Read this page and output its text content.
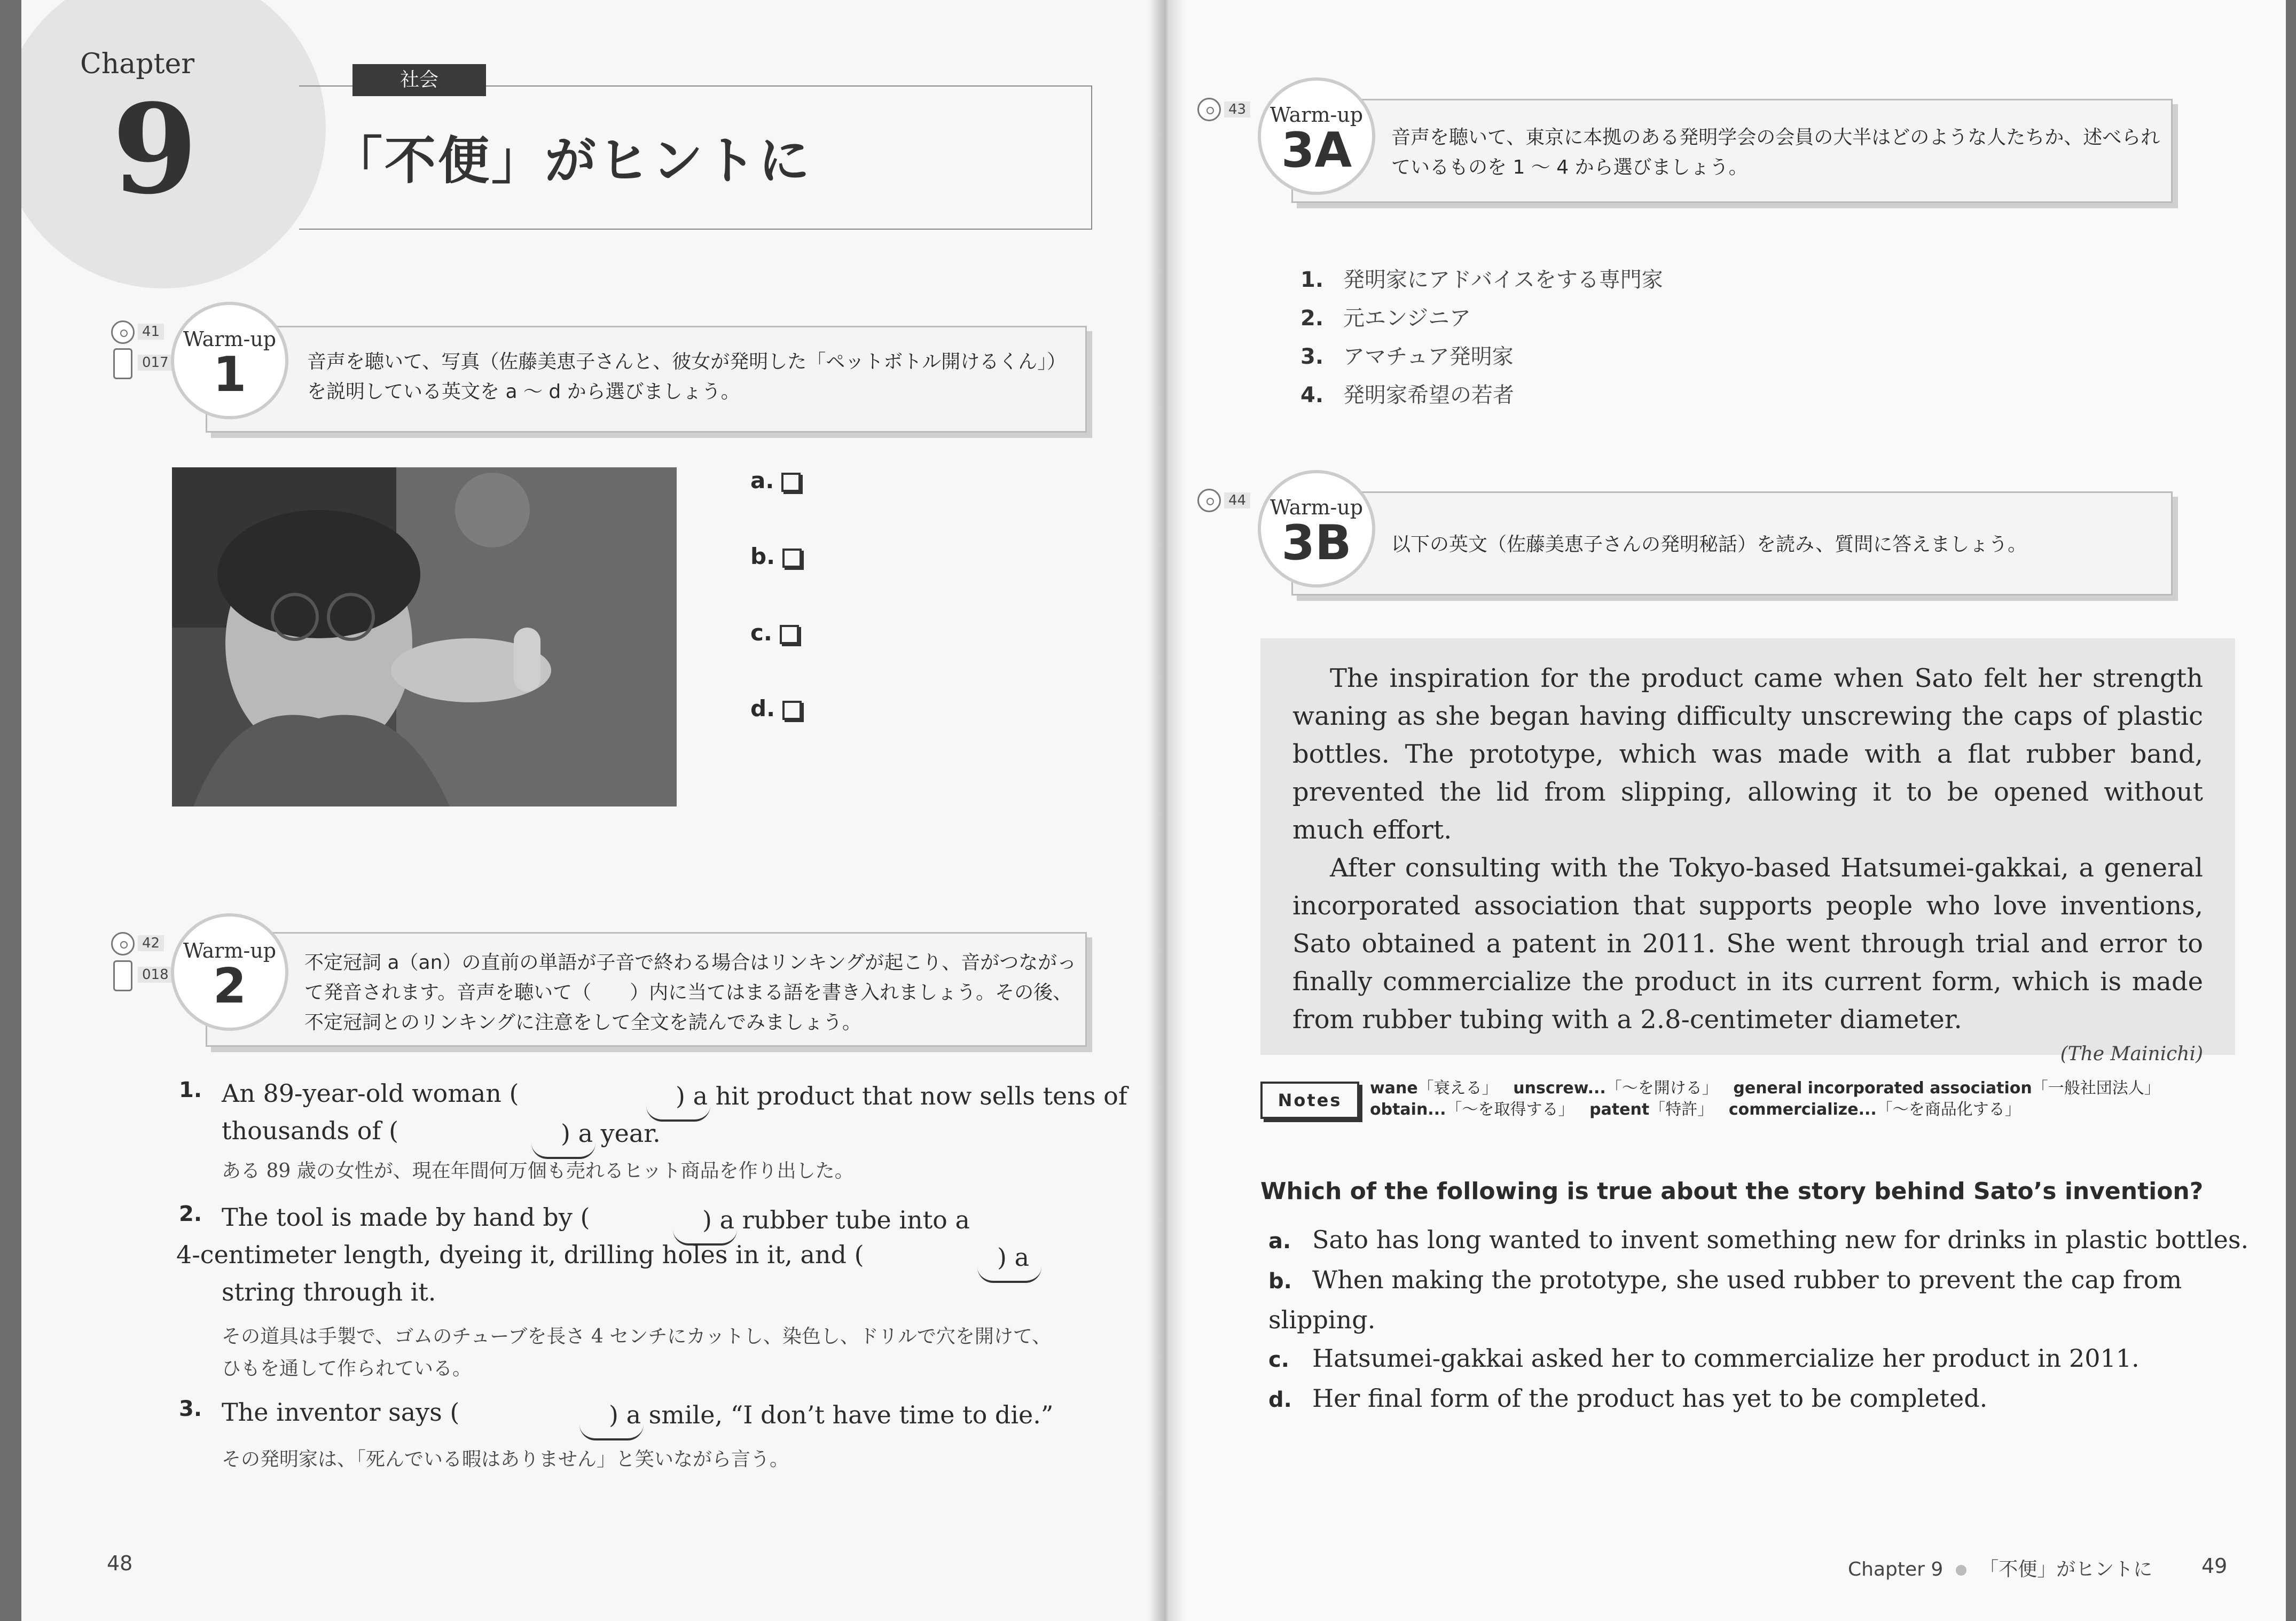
Chapter
9	社会
「不便」がヒントに
41
017
Warm-up
1	音声を聴いて、写真（佐藤美恵子さんと、彼女が発明した「ペットボトル開けるくん」）を説明している英文を a ～ d から選びましょう。
a.
b.
c.
d.
42
018
Warm-up
2	不定冠詞 a（an）の直前の単語が子音で終わる場合はリンキングが起こり、音がつながって発音されます。音声を聴いて（　　）内に当てはまる語を書き入れましょう。その後、不定冠詞とのリンキングに注意をして全文を読んでみましょう。
1. An 89-year-old woman (	) a hit product that now sells tens of
thousands of (	) a year.
ある 89 歳の女性が、現在年間何万個も売れるヒット商品を作り出した。
2. The tool is made by hand by (	) a rubber tube into a
4-centimeter length, dyeing it, drilling holes in it, and (	) a
string through it.
その道具は手製で、ゴムのチューブを長さ 4 センチにカットし、染色し、ドリルで穴を開けて、
ひもを通して作られている。
3. The inventor says (	) a smile, “I don’t have time to die.”
その発明家は、「死んでいる暇はありません」と笑いながら言う。
48
43	Warm-up
3A	音声を聴いて、東京に本拠のある発明学会の会員の大半はどのような人たちか、述べられているものを 1 ～ 4 から選びましょう。
1. 発明家にアドバイスをする専門家
2. 元エンジニア
3. アマチュア発明家
4. 発明家希望の若者
44	Warm-up
3B	以下の英文（佐藤美恵子さんの発明秘話）を読み、質問に答えましょう。

The inspiration for the product came when Sato felt her strength waning as she began having difficulty unscrewing the caps of plastic bottles. The prototype, which was made with a flat rubber band, prevented the lid from slipping, allowing it to be opened without much effort.

After consulting with the Tokyo-based Hatsumei-gakkai, a general incorporated association that supports people who love inventions, Sato obtained a patent in 2011. She went through trial and error to finally commercialize the product in its current form, which is made from rubber tubing with a 2.8-centimeter diameter.

(The Mainichi)
Notes
wane「衰える」 unscrew...「～を開ける」 general incorporated association「一般社団法人」
obtain...「～を取得する」 patent「特許」 commercialize...「～を商品化する」
Which of the following is true about the story behind Sato’s invention?
a. Sato has long wanted to invent something new for drinks in plastic bottles.
b. When making the prototype, she used rubber to prevent the cap from slipping.
c. Hatsumei-gakkai asked her to commercialize her product in 2011.
d. Her final form of the product has yet to be completed.
Chapter 9 「不便」がヒントに 49
